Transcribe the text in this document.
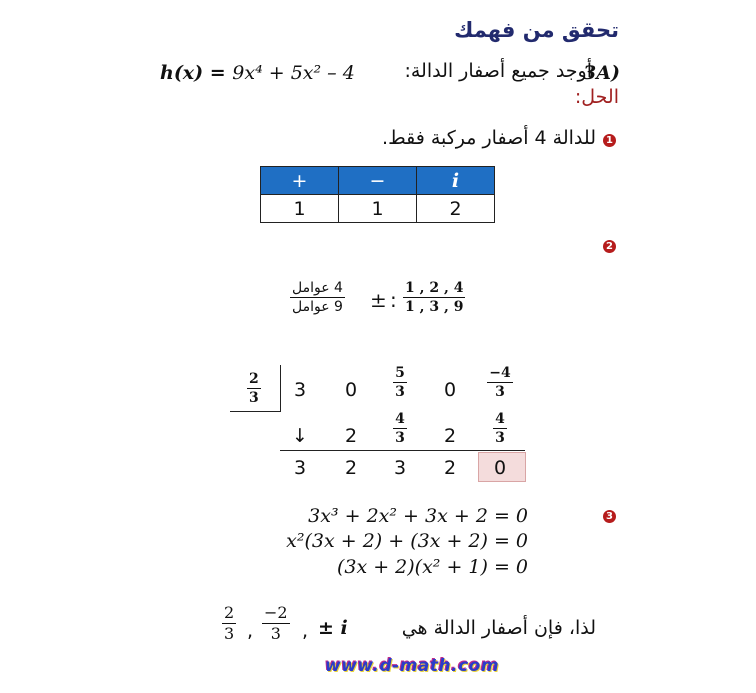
تحقق من فهمك
h(x) = 9x⁴ + 5x² – 4	أوجد جميع أصفار الدالة:
3A)
الحل:
1
للدالة 4 أصفار مركبة فقط.
+	−	i
1	1	2
2
$\frac{1 , 2 , 4}{1 , 3 , 9}$
:
±
4 عوامل
9 عوامل
$\frac{2}{3}$	3	0	$\frac{5}{3}$	0	$\frac{-4}{3}$
↓	2	$\frac{4}{3}$	2	$\frac{4}{3}$
3	2	3	2	0
3
3x³ + 2x² + 3x + 2 = 0
x²(3x + 2) + (3x + 2) = 0
(3x + 2)(x² + 1) = 0
لذا، فإن أصفار الدالة هي
± i
,
$\frac{-2}{3}$
,
$\frac{2}{3}$
www.d-math.com
